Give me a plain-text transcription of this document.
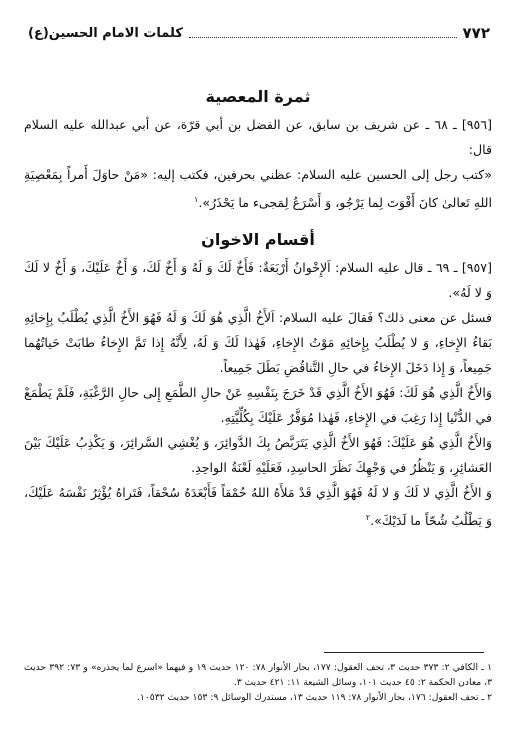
٧٧٢
كلمات الامام الحسين(ع)
ثمرة المعصية

[٩٥٦] ـ ٦٨ ـ عن شريف بن سابق، عن الفضل بن أبي قرّة، عن أبي عبدالله عليه السلام قال:

«كتب رجل إلى الحسين عليه السلام: عظني بحرفين، فكتب إليه: «مَنْ حاوَلَ أَمراً بِمَعْصِيَةِ اللهِ تَعالىٰ كانَ أَفْوَتَ لِما يَرْجُو، وَ أَسْرَعُ لِمَجىء ما يَحْذَرُ».$^١$

أقسام الاخوان

[٩٥٧] ـ ٦٩ ـ قال عليه السلام: اَلإِخْوانُ أَرْبَعَةٌ: فَأَخٌ لَكَ وَ لَهُ وَ أَخٌ لَكَ، وَ أَخٌ عَلَيْكَ، وَ أَخٌ لا لَكَ وَ لا لَهُ».

فسئل عن معنى ذلك؟ فَقالَ عليه السلام: اَلأَخُ الَّذِي هُوَ لَكَ وَ لَهُ فَهُوَ الأَخُ الَّذِي يُطْلَبُ بِإِخائِهِ بَقاءُ الإِخاءِ، وَ لا يُطْلَبُ بِإِخائِهِ مَوْتُ الإِخاءِ، فَهٰذا لَكَ وَ لَهُ، لِأَنَّهُ إِذا تَمَّ الإِخاءُ طابَتْ حَياتُهُما جَمِيعاً، وَ إِذا دَخَلَ الإِخاءُ في حالِ التَّناقُضِ بَطَلَ جَمِيعاً.

وَالأَخُ الَّذِي هُوَ لَكَ: فَهُوَ الأَخُ الَّذِي قَدْ خَرَجَ بِنَفْسِهِ عَنْ حالِ الطَّمَعِ إِلى حالِ الرَّغْبَةِ، فَلَمْ يَطْمَعْ في الدُّنْيا إِذا رَغِبَ في الإِخاءِ، فَهٰذا مُوَفَّرٌ عَلَيْكَ بِكُلِّيَّتِهِ.

وَالأَخُ الَّذِي هُوَ عَلَيْكَ: فَهُوَ الأَخُ الَّذِي يَتَرَبَّصُ بِكَ الدَّوائِرَ، وَ يُغْشِي السَّرائِرَ، وَ يَكْذِبُ عَلَيْكَ بَيْنَ العَشائِرِ، وَ يَنْظُرُ في وَجْهِكَ نَظَرَ الحاسِدِ، فَعَلَيْهِ لَعْنَةُ الواحِدِ.

وَ الأَخُ الَّذِي لا لَكَ وَ لا لَهُ فَهُوَ الَّذِي قَدْ مَلأَهُ اللهُ حُمْقاً فَأَبْعَدَهُ سُحْقاً، فَتَراهُ يُؤْثِرُ نَفْسَهُ عَلَيْكَ، وَ يَطْلُبُ شُحّاً ما لَدَيْكَ».$^٢$

١ ـ الكافي ٢: ٣٧٣ حديث ٣، تحف العقول: ١٧٧، بحار الأنوار ٧٨: ١٢٠ حديث ١٩ و فيهما «اسرع لما يحذره» و ٧٣: ٣٩٢ حديث ٣، معادن الحكمة ٢: ٤٥ حديث ١٠١، وسائل الشيعة ١١: ٤٢١ حديث ٣.

٢ ـ تحف العقول: ١٧٦، بحار الأنوار ٧٨: ١١٩ حديث ١٣، مستدرك الوسائل ٩: ١٥٣ حديث ١٠٥٣٢.
